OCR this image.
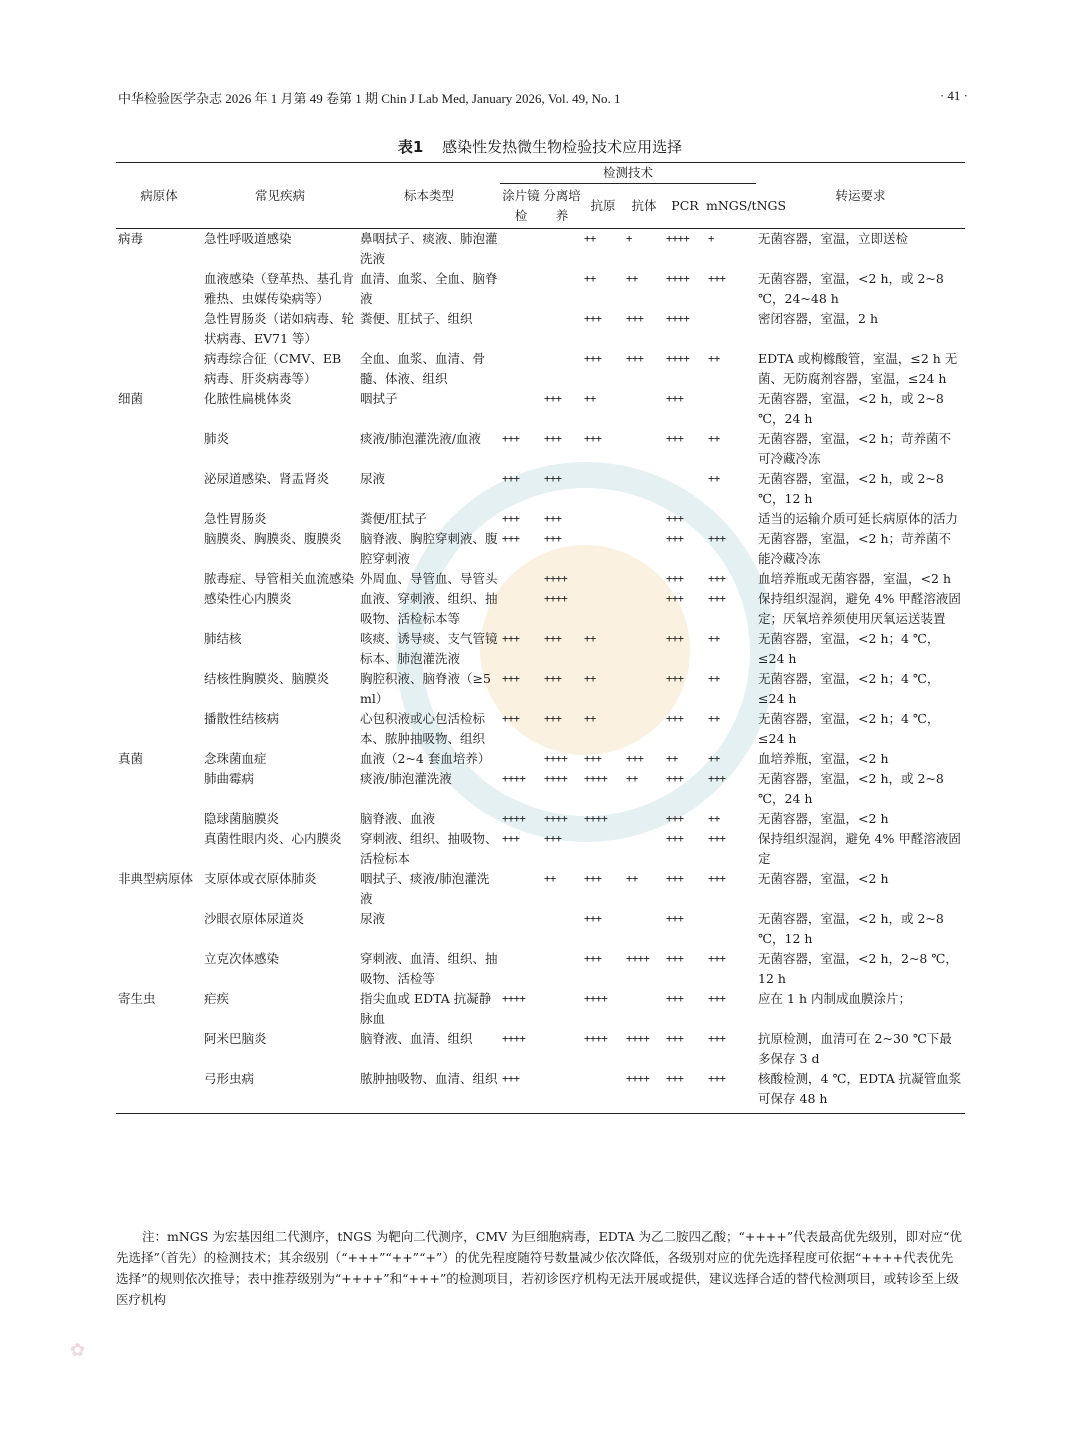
中华检验医学杂志 2026 年 1 月第 49 卷第 1 期 Chin J Lab Med, January 2026, Vol. 49, No. 1	· 41 ·
表1 感染性发热微生物检验技术应用选择
病原体	常见疾病	标本类型	检测技术						转运要求
			涂片镜检	分离培养	抗原	抗体	PCR	mNGS/tNGS	
病毒	急性呼吸道感染	鼻咽拭子、痰液、肺泡灌洗液			++	+	++++	+	无菌容器，室温，立即送检
	血液感染（登革热、基孔肯雅热、虫媒传染病等）	血清、血浆、全血、脑脊液			++	++	++++	+++	无菌容器，室温，<2 h，或 2~8 ℃，24~48 h
	急性胃肠炎（诺如病毒、轮状病毒、EV71 等）	粪便、肛拭子、组织			+++	+++	++++		密闭容器，室温，2 h
	病毒综合征（CMV、EB 病毒、肝炎病毒等）	全血、血浆、血清、骨髓、体液、组织			+++	+++	++++	++	EDTA 或枸橼酸管，室温，≤2 h 无菌、无防腐剂容器，室温，≤24 h
细菌	化脓性扁桃体炎	咽拭子		+++	++		+++		无菌容器，室温，<2 h，或 2~8 ℃，24 h
	肺炎	痰液/肺泡灌洗液/血液	+++	+++	+++		+++	++	无菌容器，室温，<2 h；苛养菌不可冷藏冷冻
	泌尿道感染、肾盂肾炎	尿液	+++	+++				++	无菌容器，室温，<2 h，或 2~8 ℃，12 h
	急性胃肠炎	粪便/肛拭子	+++	+++			+++		适当的运输介质可延长病原体的活力
	脑膜炎、胸膜炎、腹膜炎	脑脊液、胸腔穿刺液、腹腔穿刺液	+++	+++			+++	+++	无菌容器，室温，<2 h；苛养菌不能冷藏冷冻
	脓毒症、导管相关血流感染	外周血、导管血、导管头		++++			+++	+++	血培养瓶或无菌容器，室温，<2 h
	感染性心内膜炎	血液、穿刺液、组织、抽吸物、活检标本等		++++			+++	+++	保持组织湿润，避免 4% 甲醛溶液固定；厌氧培养须使用厌氧运送装置
	肺结核	咳痰、诱导痰、支气管镜标本、肺泡灌洗液	+++	+++	++		+++	++	无菌容器，室温，<2 h；4 ℃，≤24 h
	结核性胸膜炎、脑膜炎	胸腔积液、脑脊液（≥5 ml）	+++	+++	++		+++	++	无菌容器，室温，<2 h；4 ℃，≤24 h
	播散性结核病	心包积液或心包活检标本、脓肿抽吸物、组织	+++	+++	++		+++	++	无菌容器，室温，<2 h；4 ℃，≤24 h
真菌	念珠菌血症	血液（2~4 套血培养）		++++	+++	+++	++	++	血培养瓶，室温，<2 h
	肺曲霉病	痰液/肺泡灌洗液	++++	++++	++++	++	+++	+++	无菌容器，室温，<2 h，或 2~8 ℃，24 h
	隐球菌脑膜炎	脑脊液、血液	++++	++++	++++		+++	++	无菌容器，室温，<2 h
	真菌性眼内炎、心内膜炎	穿刺液、组织、抽吸物、活检标本	+++	+++			+++	+++	保持组织湿润，避免 4% 甲醛溶液固定
非典型病原体	支原体或衣原体肺炎	咽拭子、痰液/肺泡灌洗液		++	+++	++	+++	+++	无菌容器，室温，<2 h
	沙眼衣原体尿道炎	尿液			+++		+++		无菌容器，室温，<2 h，或 2~8 ℃，12 h
	立克次体感染	穿刺液、血清、组织、抽吸物、活检等			+++	++++	+++	+++	无菌容器，室温，<2 h，2~8 ℃，12 h
寄生虫	疟疾	指尖血或 EDTA 抗凝静脉血	++++		++++		+++	+++	应在 1 h 内制成血膜涂片；
	阿米巴脑炎	脑脊液、血清、组织	++++		++++	++++	+++	+++	抗原检测，血清可在 2~30 ℃下最多保存 3 d
	弓形虫病	脓肿抽吸物、血清、组织	+++			++++	+++	+++	核酸检测，4 ℃，EDTA 抗凝管血浆可保存 48 h
注：mNGS 为宏基因组二代测序，tNGS 为靶向二代测序，CMV 为巨细胞病毒，EDTA 为乙二胺四乙酸；“++++”代表最高优先级别，即对应“优先选择”（首先）的检测技术；其余级别（“+++”“++”“+”）的优先程度随符号数量减少依次降低，各级别对应的优先选择程度可依据“++++代表优先选择”的规则依次推导；表中推荐级别为“++++”和“+++”的检测项目，若初诊医疗机构无法开展或提供，建议选择合适的替代检测项目，或转诊至上级医疗机构
✿
